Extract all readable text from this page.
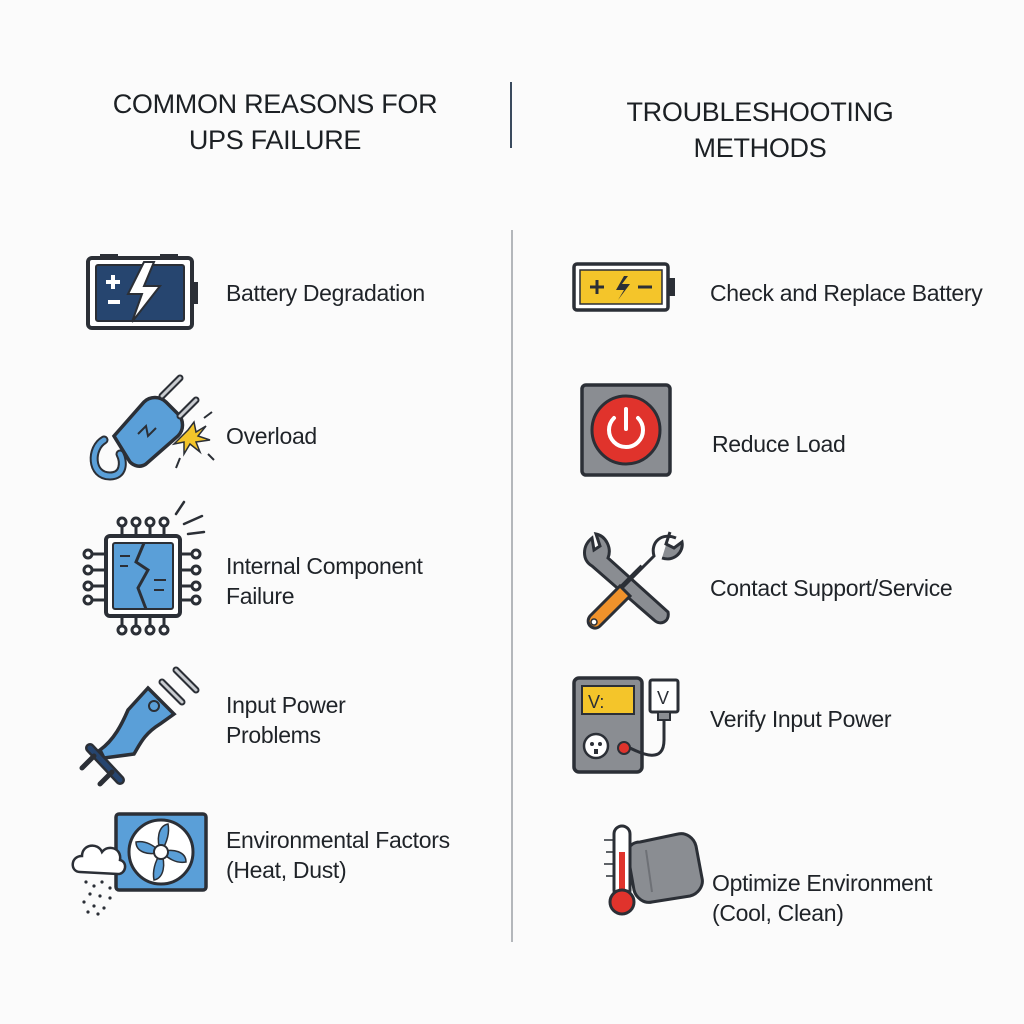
COMMON REASONS FOR
UPS FAILURE
TROUBLESHOOTING METHODS
Battery Degradation
Overload
Internal Component
Failure
Input Power
Problems
Environmental Factors
(Heat, Dust)
Check and Replace Battery
Reduce Load
Contact Support/Service
V:	V
Verify Input Power
Optimize Environment
(Cool, Clean)
